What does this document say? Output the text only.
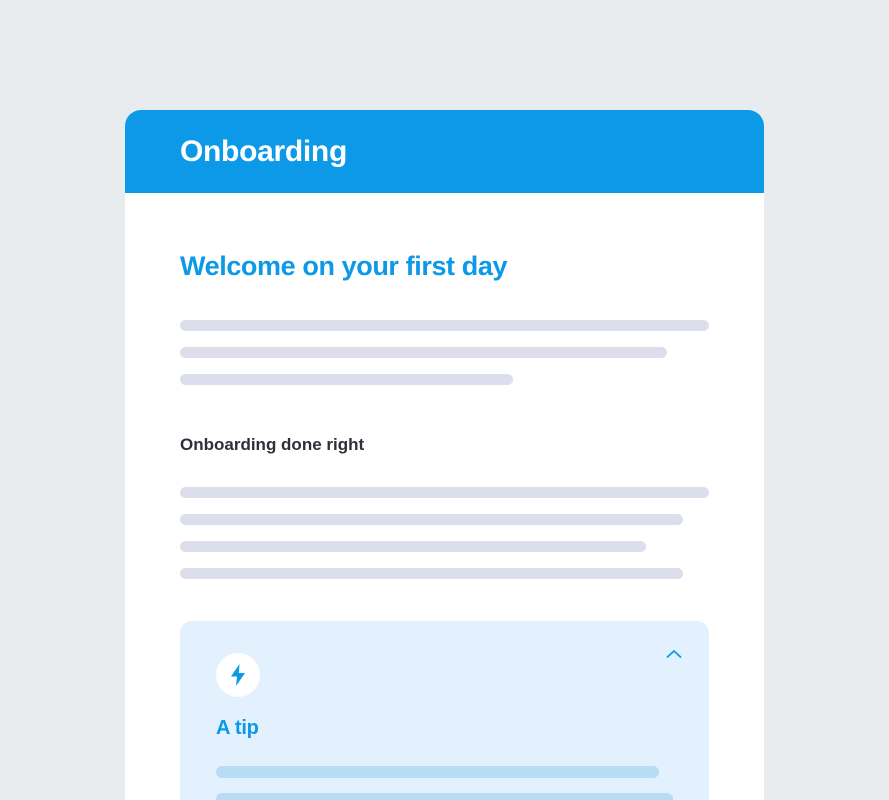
Onboarding
Welcome on your first day
Onboarding done right
A tip
